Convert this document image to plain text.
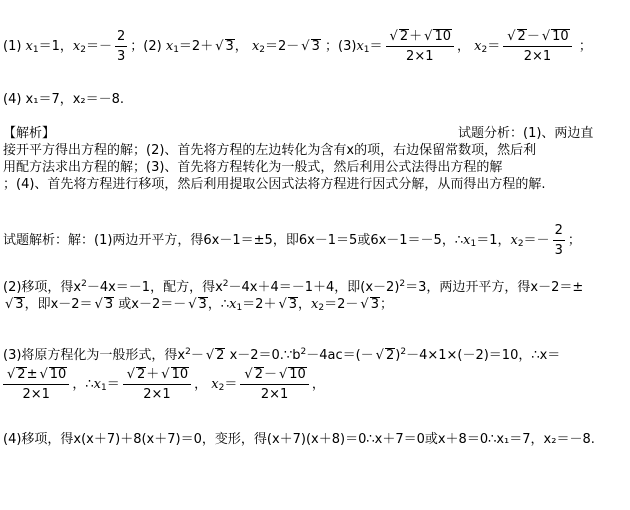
(1) x1＝1，$x2=- \frac{2}{3}$ ；(2) x1＝2＋ √ 3， x2＝2－ √ 3 ；$(3)x1= \frac{√ 2+ √ 10}{2\times 1}$ ， $x2= \frac{√ 2- √ 10}{2\times 1}$ ；
(4) x₁＝7，x₂＝－8.
【解析】	试题分析：(1)、两边直
接开平方得出方程的解；(2)、首先将方程的左边转化为含有x的项，右边保留常数项，然后利
用配方法求出方程的解；(3)、首先将方程转化为一般式，然后利用公式法得出方程的解
；(4)、首先将方程进行移项，然后利用提取公因式法将方程进行因式分解，从而得出方程的解.
试题解析：解：(1)两边开平方，得6x－1＝±5，即6x－1＝5或6x－1＝－5，∴x1＝1，$x2=- \frac{2}{3}$ ；
(2)移项，得$x^2-4x=-1$，配方，得$x^2-4x+4=-1+4$，即$(x-2)^2=3$，两边开平方，得x－2＝±
√ 3，即x－2＝ √ 3 或x－2＝－ √ 3，∴x1＝2＋ √ 3，x2＝2－ √ 3；
(3)将原方程化为一般形式，得$x^2-$ √ 2 $x-2=0.\because b^2-4ac=(-$ √ 2)$^2$－4×1×(－2)＝10，∴x＝
$\frac{√ 2\pm √ 10}{2\times 1}$ ，∴x1＝ $\frac{√ 2+ √ 10}{2\times 1}$ ， $x2= \frac{√ 2- √ 10}{2\times 1}$ ，
(4)移项，得x(x＋7)＋8(x＋7)＝0，变形，得(x＋7)(x＋8)＝0∴x＋7＝0或x＋8＝0∴x₁＝7，x₂＝－8.
